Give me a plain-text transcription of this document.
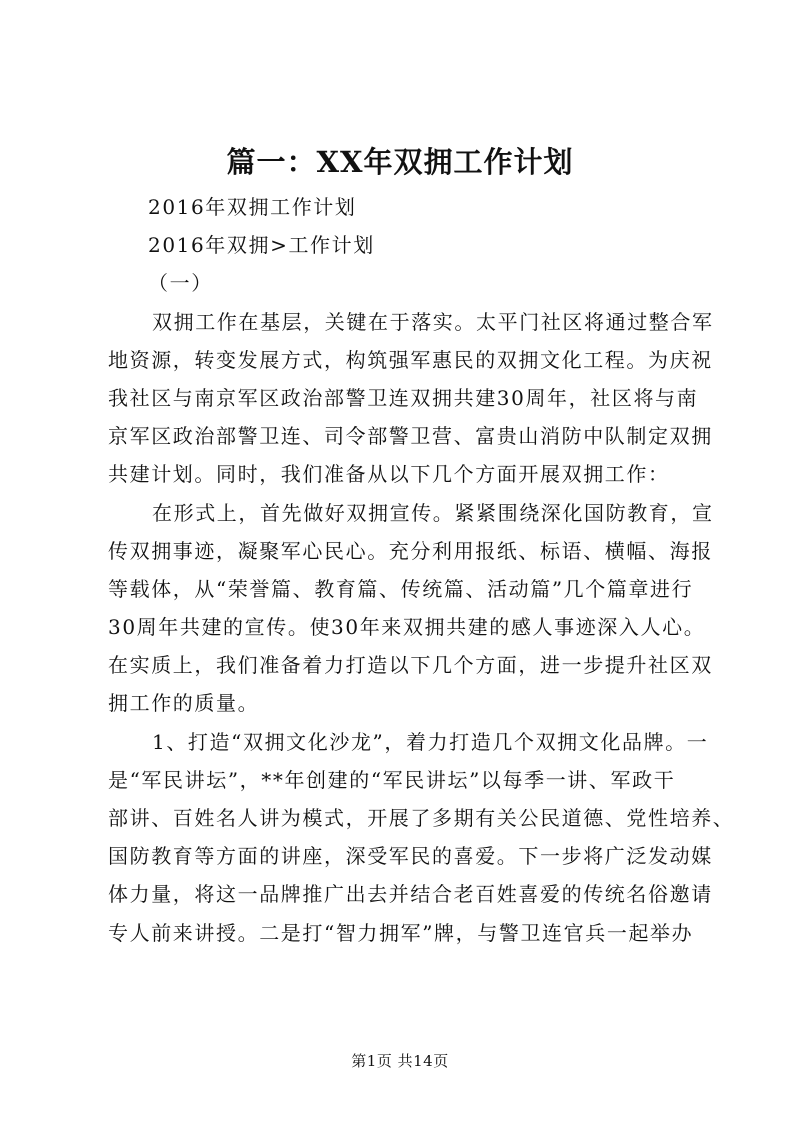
篇一：XX年双拥工作计划
2016年双拥工作计划
2016年双拥>工作计划
（一）
双拥工作在基层，关键在于落实。太平门社区将通过整合军
地资源，转变发展方式，构筑强军惠民的双拥文化工程。为庆祝
我社区与南京军区政治部警卫连双拥共建30周年，社区将与南
京军区政治部警卫连、司令部警卫营、富贵山消防中队制定双拥
共建计划。同时，我们准备从以下几个方面开展双拥工作：
在形式上，首先做好双拥宣传。紧紧围绕深化国防教育，宣
传双拥事迹，凝聚军心民心。充分利用报纸、标语、横幅、海报
等载体，从“荣誉篇、教育篇、传统篇、活动篇”几个篇章进行
30周年共建的宣传。使30年来双拥共建的感人事迹深入人心。
在实质上，我们准备着力打造以下几个方面，进一步提升社区双
拥工作的质量。
1、打造“双拥文化沙龙”，着力打造几个双拥文化品牌。一
是“军民讲坛”，**年创建的“军民讲坛”以每季一讲、军政干
部讲、百姓名人讲为模式，开展了多期有关公民道德、党性培养、
国防教育等方面的讲座，深受军民的喜爱。下一步将广泛发动媒
体力量，将这一品牌推广出去并结合老百姓喜爱的传统名俗邀请
专人前来讲授。二是打“智力拥军”牌，与警卫连官兵一起举办
第1页 共14页
